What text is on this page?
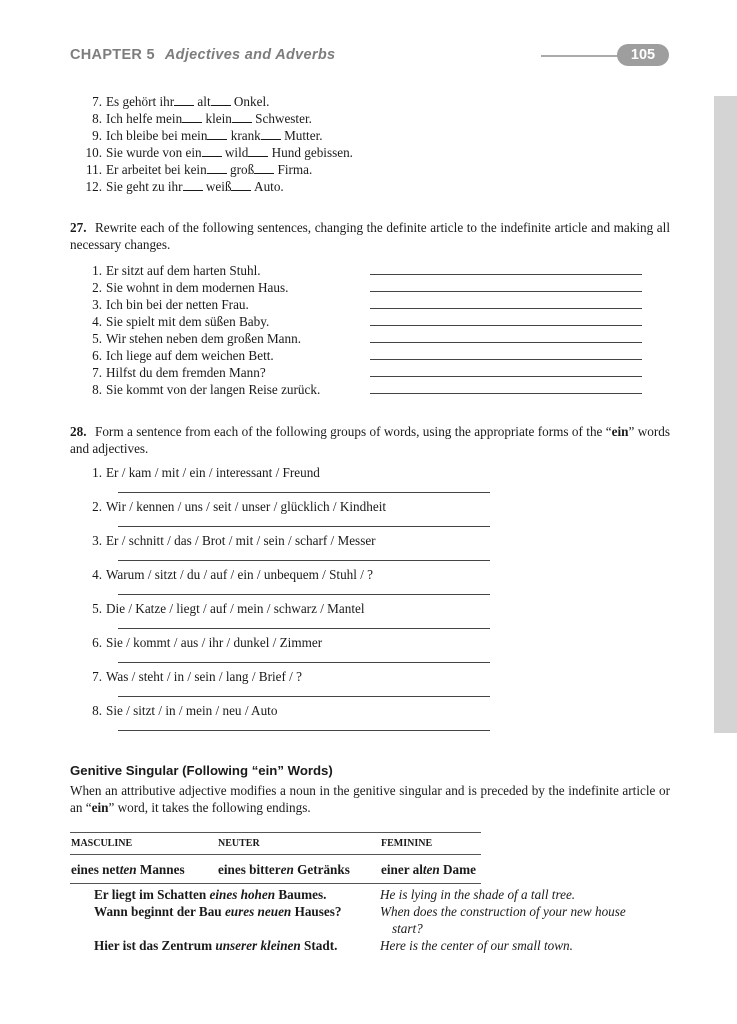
CHAPTER 5 Adjectives and Adverbs	105
7. Es gehört ihr alt Onkel.
8. Ich helfe mein klein Schwester.
9. Ich bleibe bei mein krank Mutter.
10. Sie wurde von ein wild Hund gebissen.
11. Er arbeitet bei kein groß Firma.
12. Sie geht zu ihr weiß Auto.
27. Rewrite each of the following sentences, changing the definite article to the indefinite article and making all necessary changes.
1. Er sitzt auf dem harten Stuhl.
2. Sie wohnt in dem modernen Haus.
3. Ich bin bei der netten Frau.
4. Sie spielt mit dem süßen Baby.
5. Wir stehen neben dem großen Mann.
6. Ich liege auf dem weichen Bett.
7. Hilfst du dem fremden Mann?
8. Sie kommt von der langen Reise zurück.
28. Form a sentence from each of the following groups of words, using the appropriate forms of the “ein” words and adjectives.
1. Er / kam / mit / ein / interessant / Freund
2. Wir / kennen / uns / seit / unser / glücklich / Kindheit
3. Er / schnitt / das / Brot / mit / sein / scharf / Messer
4. Warum / sitzt / du / auf / ein / unbequem / Stuhl / ?
5. Die / Katze / liegt / auf / mein / schwarz / Mantel
6. Sie / kommt / aus / ihr / dunkel / Zimmer
7. Was / steht / in / sein / lang / Brief / ?
8. Sie / sitzt / in / mein / neu / Auto
Genitive Singular (Following “ein” Words)
When an attributive adjective modifies a noun in the genitive singular and is preceded by the indefinite article or an “ein” word, it takes the following endings.
MASCULINE	NEUTER	FEMININE
eines netten Mannes	eines bitteren Getränks	einer alten Dame
Er liegt im Schatten eines hohen Baumes.	He is lying in the shade of a tall tree.
Wann beginnt der Bau eures neuen Hauses?	When does the construction of your new house
start?
Hier ist das Zentrum unserer kleinen Stadt.	Here is the center of our small town.
